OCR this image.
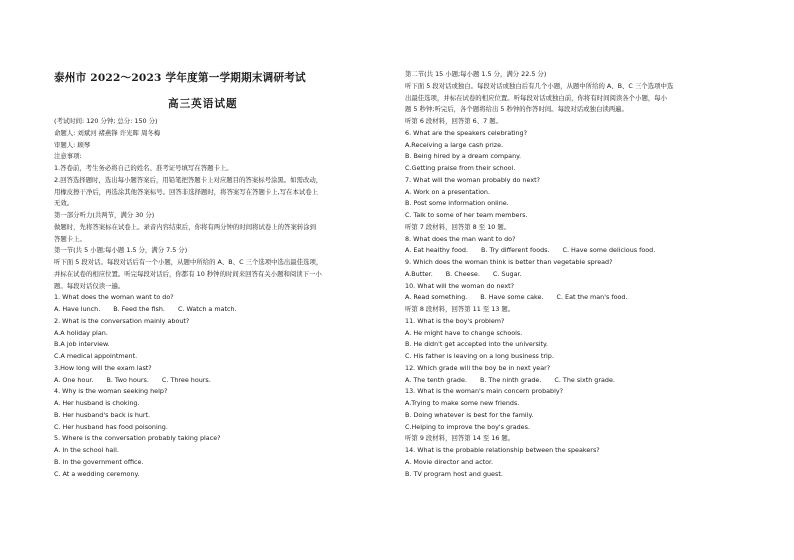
泰州市 2022～2023 学年度第一学期期末调研考试
高三英语试题
(考试时间: 120 分钟; 总分: 150 分)
命题人: 刘斌河 褚燕锋 许光晖 周冬梅
审题人: 顾琴
注意事项:
1.答卷前，考生务必将自己的姓名、准考证号填写在答题卡上。
2.回答选择题时，选出每小题答案后，用铅笔把答题卡上对应题目的答案标号涂黑。如需改动，
用橡皮擦干净后，再选涂其他答案标号。回答非选择题时，将答案写在答题卡上,写在本试卷上
无效。
第一部分听力(共两节，满分 30 分)
做题时，先将答案标在试卷上。录音内容结束后，你将有两分钟的时间将试卷上的答案转涂到
答题卡上。
第一节(共 5 小题;每小题 1.5 分，满分 7.5 分)
听下面 5 段对话。每段对话后有一个小题，从题中所给的 A、B、C 三个选项中选出最佳选项，
并标在试卷的相应位置。听完每段对话后，你都有 10 秒钟的时间来回答有关小题和阅读下一小
题。每段对话仅读一遍。
1. What does the woman want to do?
A. Have lunch. B. Feed the fish. C. Watch a match.
2. What is the conversation mainly about?
A.A holiday plan.
B.A job interview.
C.A medical appointment.
3.How long will the exam last?
A. One hour. B. Two hours. C. Three hours.
4. Why is the woman seeking help?
A. Her husband is choking.
B. Her husband's back is hurt.
C. Her husband has food poisoning.
5. Where is the conversation probably taking place?
A. In the school hall.
B. In the government office.
C. At a wedding ceremony.
第二节(共 15 小题;每小题 1.5 分，满分 22.5 分)
听下面 5 段对话或独白。每段对话或独白后有几个小题，从题中所给的 A、B、C 三个选项中选
出最佳选项，并标在试卷的相应位置。听每段对话或独白前，你将有时间阅读各个小题，每小
题 5 秒钟;听完后，各个题将给出 5 秒钟的作答时间。每段对话或独白读两遍。
听第 6 段材料，回答第 6、7 题。
6. What are the speakers celebrating?
A.Receiving a large cash prize.
B. Being hired by a dream company.
C.Getting praise from their school.
7. What will the woman probably do next?
A. Work on a presentation.
B. Post some information online.
C. Talk to some of her team members.
听第 7 段材料，回答第 8 至 10 题。
8. What does the man want to do?
A. Eat healthy food. B. Try different foods. C. Have some delicious food.
9. Which does the woman think is better than vegetable spread?
A.Butter. B. Cheese. C. Sugar.
10. What will the woman do next?
A. Read something. B. Have some cake. C. Eat the man's food.
听第 8 段材料，回答第 11 至 13 题。
11. What is the boy's problem?
A. He might have to change schools.
B. He didn't get accepted into the university.
C. His father is leaving on a long business trip.
12. Which grade will the boy be in next year?
A. The tenth grade. B. The ninth grade. C. The sixth grade.
13. What is the woman's main concern probably?
A.Trying to make some new friends.
B. Doing whatever is best for the family.
C.Helping to improve the boy's grades.
听第 9 段材料，回答第 14 至 16 题。
14. What is the probable relationship between the speakers?
A. Movie director and actor.
B. TV program host and guest.
